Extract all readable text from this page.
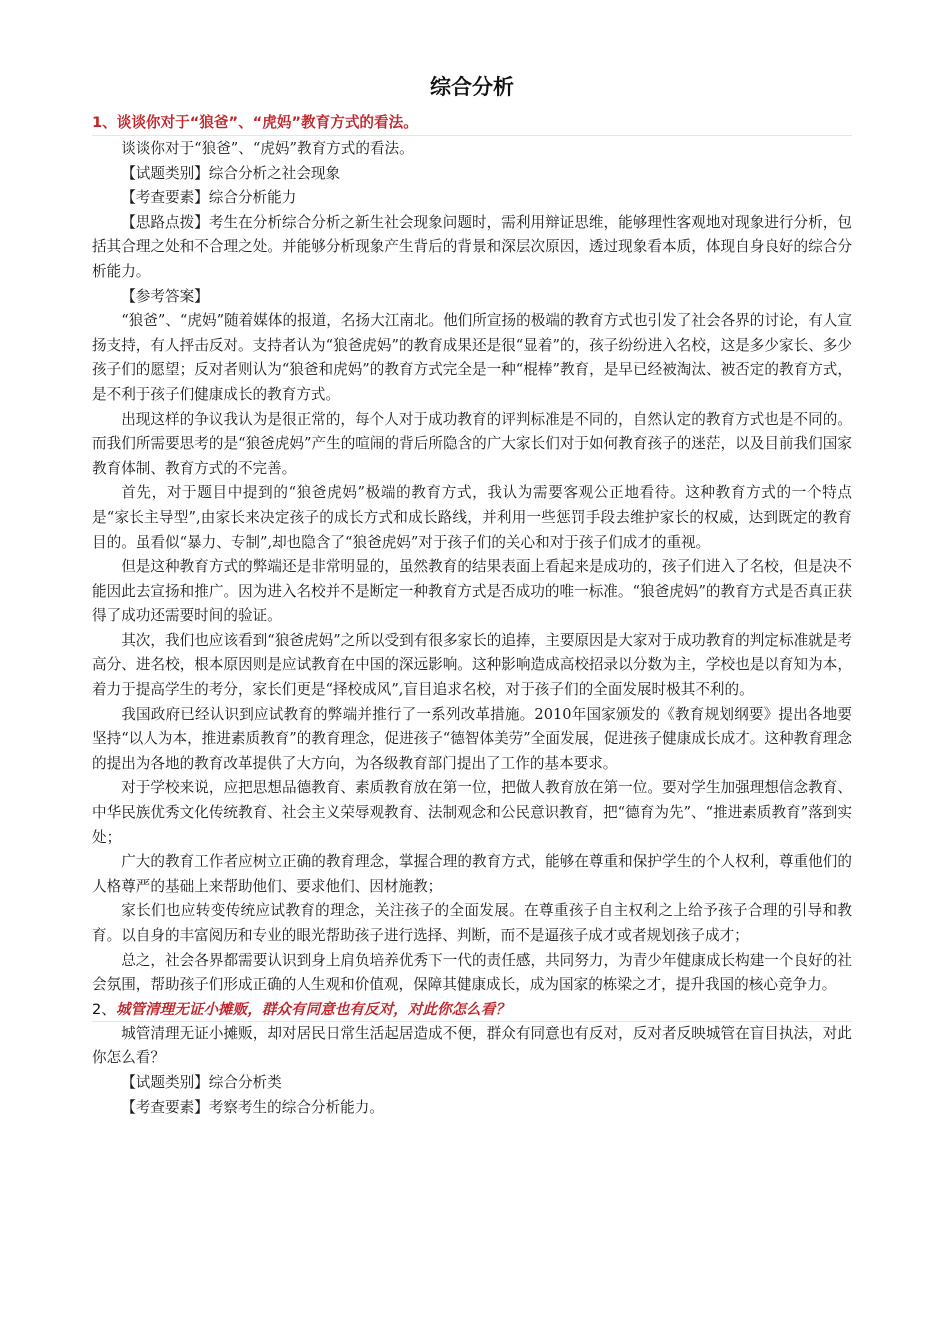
综合分析
1、谈谈你对于“狼爸”、“虎妈”教育方式的看法。

谈谈你对于“狼爸”、“虎妈”教育方式的看法。

【试题类别】综合分析之社会现象

【考查要素】综合分析能力

【思路点拨】考生在分析综合分析之新生社会现象问题时，需利用辩证思维，能够理性客观地对现象进行分析，包括其合理之处和不合理之处。并能够分析现象产生背后的背景和深层次原因，透过现象看本质，体现自身良好的综合分析能力。

【参考答案】

“狼爸”、“虎妈”随着媒体的报道，名扬大江南北。他们所宣扬的极端的教育方式也引发了社会各界的讨论，有人宣扬支持，有人抨击反对。支持者认为“狼爸虎妈”的教育成果还是很“显着”的，孩子纷纷进入名校，这是多少家长、多少孩子们的愿望；反对者则认为“狼爸和虎妈”的教育方式完全是一种“棍棒”教育，是早已经被淘汰、被否定的教育方式，是不利于孩子们健康成长的教育方式。

出现这样的争议我认为是很正常的，每个人对于成功教育的评判标准是不同的，自然认定的教育方式也是不同的。而我们所需要思考的是“狼爸虎妈”产生的喧闹的背后所隐含的广大家长们对于如何教育孩子的迷茫，以及目前我们国家教育体制、教育方式的不完善。

首先，对于题目中提到的“狼爸虎妈”极端的教育方式，我认为需要客观公正地看待。这种教育方式的一个特点是“家长主导型”,由家长来决定孩子的成长方式和成长路线，并利用一些惩罚手段去维护家长的权威，达到既定的教育目的。虽看似“暴力、专制”,却也隐含了“狼爸虎妈”对于孩子们的关心和对于孩子们成才的重视。

但是这种教育方式的弊端还是非常明显的，虽然教育的结果表面上看起来是成功的，孩子们进入了名校，但是决不能因此去宣扬和推广。因为进入名校并不是断定一种教育方式是否成功的唯一标准。“狼爸虎妈”的教育方式是否真正获得了成功还需要时间的验证。

其次，我们也应该看到“狼爸虎妈”之所以受到有很多家长的追捧，主要原因是大家对于成功教育的判定标准就是考高分、进名校，根本原因则是应试教育在中国的深远影响。这种影响造成高校招录以分数为主，学校也是以育知为本，着力于提高学生的考分，家长们更是“择校成风”,盲目追求名校，对于孩子们的全面发展时极其不利的。

我国政府已经认识到应试教育的弊端并推行了一系列改革措施。2010年国家颁发的《教育规划纲要》提出各地要坚持“以人为本，推进素质教育”的教育理念，促进孩子“德智体美劳”全面发展，促进孩子健康成长成才。这种教育理念的提出为各地的教育改革提供了大方向，为各级教育部门提出了工作的基本要求。

对于学校来说，应把思想品德教育、素质教育放在第一位，把做人教育放在第一位。要对学生加强理想信念教育、中华民族优秀文化传统教育、社会主义荣辱观教育、法制观念和公民意识教育，把“德育为先”、“推进素质教育”落到实处；

广大的教育工作者应树立正确的教育理念，掌握合理的教育方式，能够在尊重和保护学生的个人权利，尊重他们的人格尊严的基础上来帮助他们、要求他们、因材施教；

家长们也应转变传统应试教育的理念，关注孩子的全面发展。在尊重孩子自主权利之上给予孩子合理的引导和教育。以自身的丰富阅历和专业的眼光帮助孩子进行选择、判断，而不是逼孩子成才或者规划孩子成才；

总之，社会各界都需要认识到身上肩负培养优秀下一代的责任感，共同努力，为青少年健康成长构建一个良好的社会氛围，帮助孩子们形成正确的人生观和价值观，保障其健康成长，成为国家的栋梁之才，提升我国的核心竞争力。

2、城管清理无证小摊贩，群众有同意也有反对，对此你怎么看？

城管清理无证小摊贩，却对居民日常生活起居造成不便，群众有同意也有反对，反对者反映城管在盲目执法，对此你怎么看？

【试题类别】综合分析类

【考查要素】考察考生的综合分析能力。
